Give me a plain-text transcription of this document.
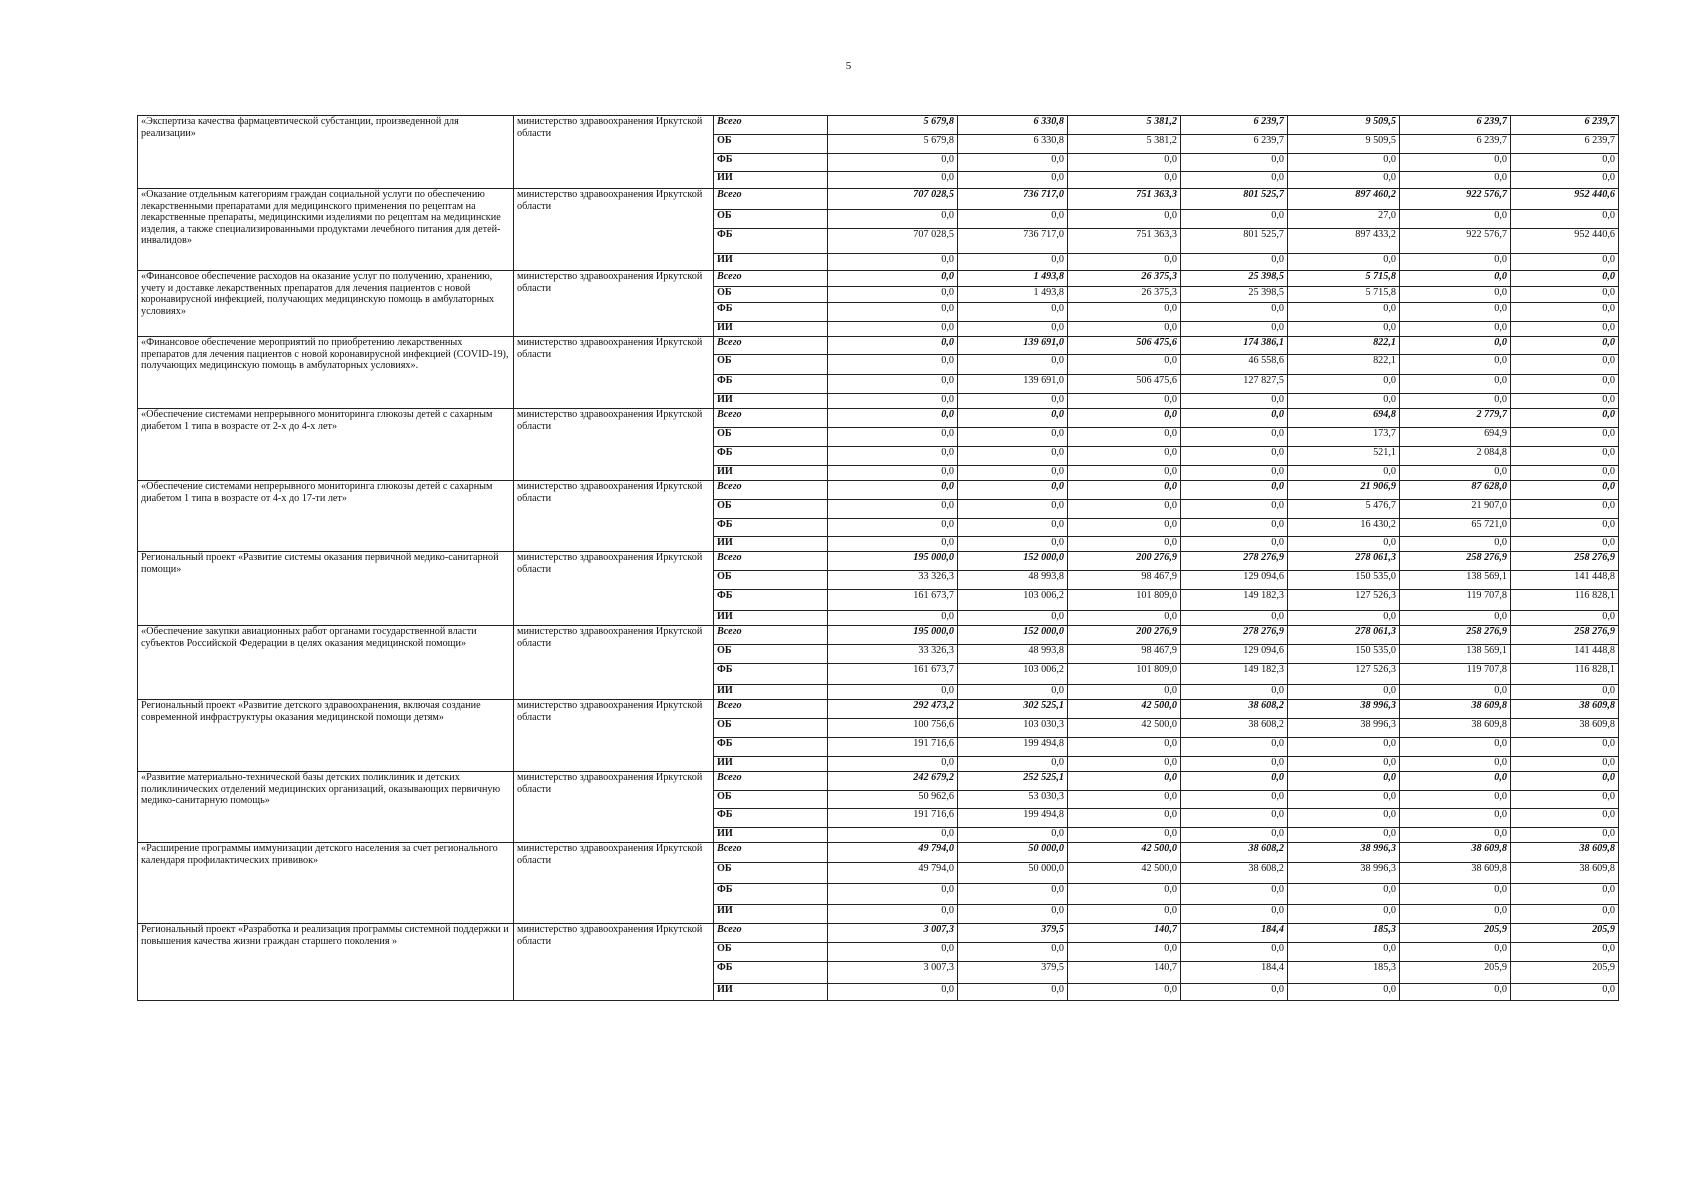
5
«Экспертиза качества фармацевтической субстанции, произведенной для реализации»	министерство здравоохранения Иркутской области	Всего	5 679,8	6 330,8	5 381,2	6 239,7	9 509,5	6 239,7	6 239,7
		ОБ	5 679,8	6 330,8	5 381,2	6 239,7	9 509,5	6 239,7	6 239,7
		ФБ	0,0	0,0	0,0	0,0	0,0	0,0	0,0
		ИИ	0,0	0,0	0,0	0,0	0,0	0,0	0,0
«Оказание отдельным категориям граждан социальной услуги по обеспечению лекарственными препаратами для медицинского применения по рецептам на лекарственные препараты, медицинскими изделиями по рецептам на медицинские изделия, а также специализированными продуктами лечебного питания для детей-инвалидов»	министерство здравоохранения Иркутской области	Всего	707 028,5	736 717,0	751 363,3	801 525,7	897 460,2	922 576,7	952 440,6
		ОБ	0,0	0,0	0,0	0,0	27,0	0,0	0,0
		ФБ	707 028,5	736 717,0	751 363,3	801 525,7	897 433,2	922 576,7	952 440,6
		ИИ	0,0	0,0	0,0	0,0	0,0	0,0	0,0
«Финансовое обеспечение расходов на оказание услуг по получению, хранению, учету и доставке лекарственных препаратов для лечения пациентов с новой коронавирусной инфекцией, получающих медицинскую помощь в амбулаторных условиях»	министерство здравоохранения Иркутской области	Всего	0,0	1 493,8	26 375,3	25 398,5	5 715,8	0,0	0,0
		ОБ	0,0	1 493,8	26 375,3	25 398,5	5 715,8	0,0	0,0
		ФБ	0,0	0,0	0,0	0,0	0,0	0,0	0,0
		ИИ	0,0	0,0	0,0	0,0	0,0	0,0	0,0
«Финансовое обеспечение мероприятий по приобретению лекарственных препаратов для лечения пациентов с новой коронавирусной инфекцией (COVID-19), получающих медицинскую помощь в амбулаторных условиях».	министерство здравоохранения Иркутской области	Всего	0,0	139 691,0	506 475,6	174 386,1	822,1	0,0	0,0
		ОБ	0,0	0,0	0,0	46 558,6	822,1	0,0	0,0
		ФБ	0,0	139 691,0	506 475,6	127 827,5	0,0	0,0	0,0
		ИИ	0,0	0,0	0,0	0,0	0,0	0,0	0,0
«Обеспечение системами непрерывного мониторинга глюкозы детей с сахарным диабетом 1 типа в возрасте от 2-х до 4-х лет»	министерство здравоохранения Иркутской области	Всего	0,0	0,0	0,0	0,0	694,8	2 779,7	0,0
		ОБ	0,0	0,0	0,0	0,0	173,7	694,9	0,0
		ФБ	0,0	0,0	0,0	0,0	521,1	2 084,8	0,0
		ИИ	0,0	0,0	0,0	0,0	0,0	0,0	0,0
«Обеспечение системами непрерывного мониторинга глюкозы детей с сахарным диабетом 1 типа в возрасте от 4-х до 17-ти лет»	министерство здравоохранения Иркутской области	Всего	0,0	0,0	0,0	0,0	21 906,9	87 628,0	0,0
		ОБ	0,0	0,0	0,0	0,0	5 476,7	21 907,0	0,0
		ФБ	0,0	0,0	0,0	0,0	16 430,2	65 721,0	0,0
		ИИ	0,0	0,0	0,0	0,0	0,0	0,0	0,0
Региональный проект «Развитие системы оказания первичной медико-санитарной помощи»	министерство здравоохранения Иркутской области	Всего	195 000,0	152 000,0	200 276,9	278 276,9	278 061,3	258 276,9	258 276,9
		ОБ	33 326,3	48 993,8	98 467,9	129 094,6	150 535,0	138 569,1	141 448,8
		ФБ	161 673,7	103 006,2	101 809,0	149 182,3	127 526,3	119 707,8	116 828,1
		ИИ	0,0	0,0	0,0	0,0	0,0	0,0	0,0
«Обеспечение закупки авиационных работ органами государственной власти субъектов Российской Федерации в целях оказания медицинской помощи»	министерство здравоохранения Иркутской области	Всего	195 000,0	152 000,0	200 276,9	278 276,9	278 061,3	258 276,9	258 276,9
		ОБ	33 326,3	48 993,8	98 467,9	129 094,6	150 535,0	138 569,1	141 448,8
		ФБ	161 673,7	103 006,2	101 809,0	149 182,3	127 526,3	119 707,8	116 828,1
		ИИ	0,0	0,0	0,0	0,0	0,0	0,0	0,0
Региональный проект «Развитие детского здравоохранения, включая создание современной инфраструктуры оказания медицинской помощи детям»	министерство здравоохранения Иркутской области	Всего	292 473,2	302 525,1	42 500,0	38 608,2	38 996,3	38 609,8	38 609,8
		ОБ	100 756,6	103 030,3	42 500,0	38 608,2	38 996,3	38 609,8	38 609,8
		ФБ	191 716,6	199 494,8	0,0	0,0	0,0	0,0	0,0
		ИИ	0,0	0,0	0,0	0,0	0,0	0,0	0,0
«Развитие материально-технической базы детских поликлиник и детских поликлинических отделений медицинских организаций, оказывающих первичную медико-санитарную помощь»	министерство здравоохранения Иркутской области	Всего	242 679,2	252 525,1	0,0	0,0	0,0	0,0	0,0
		ОБ	50 962,6	53 030,3	0,0	0,0	0,0	0,0	0,0
		ФБ	191 716,6	199 494,8	0,0	0,0	0,0	0,0	0,0
		ИИ	0,0	0,0	0,0	0,0	0,0	0,0	0,0
«Расширение программы иммунизации детского населения за счет регионального календаря профилактических прививок»	министерство здравоохранения Иркутской области	Всего	49 794,0	50 000,0	42 500,0	38 608,2	38 996,3	38 609,8	38 609,8
		ОБ	49 794,0	50 000,0	42 500,0	38 608,2	38 996,3	38 609,8	38 609,8
		ФБ	0,0	0,0	0,0	0,0	0,0	0,0	0,0
		ИИ	0,0	0,0	0,0	0,0	0,0	0,0	0,0
Региональный проект «Разработка и реализация программы системной поддержки и повышения качества жизни граждан старшего поколения »	министерство здравоохранения Иркутской области	Всего	3 007,3	379,5	140,7	184,4	185,3	205,9	205,9
		ОБ	0,0	0,0	0,0	0,0	0,0	0,0	0,0
		ФБ	3 007,3	379,5	140,7	184,4	185,3	205,9	205,9
		ИИ	0,0	0,0	0,0	0,0	0,0	0,0	0,0
